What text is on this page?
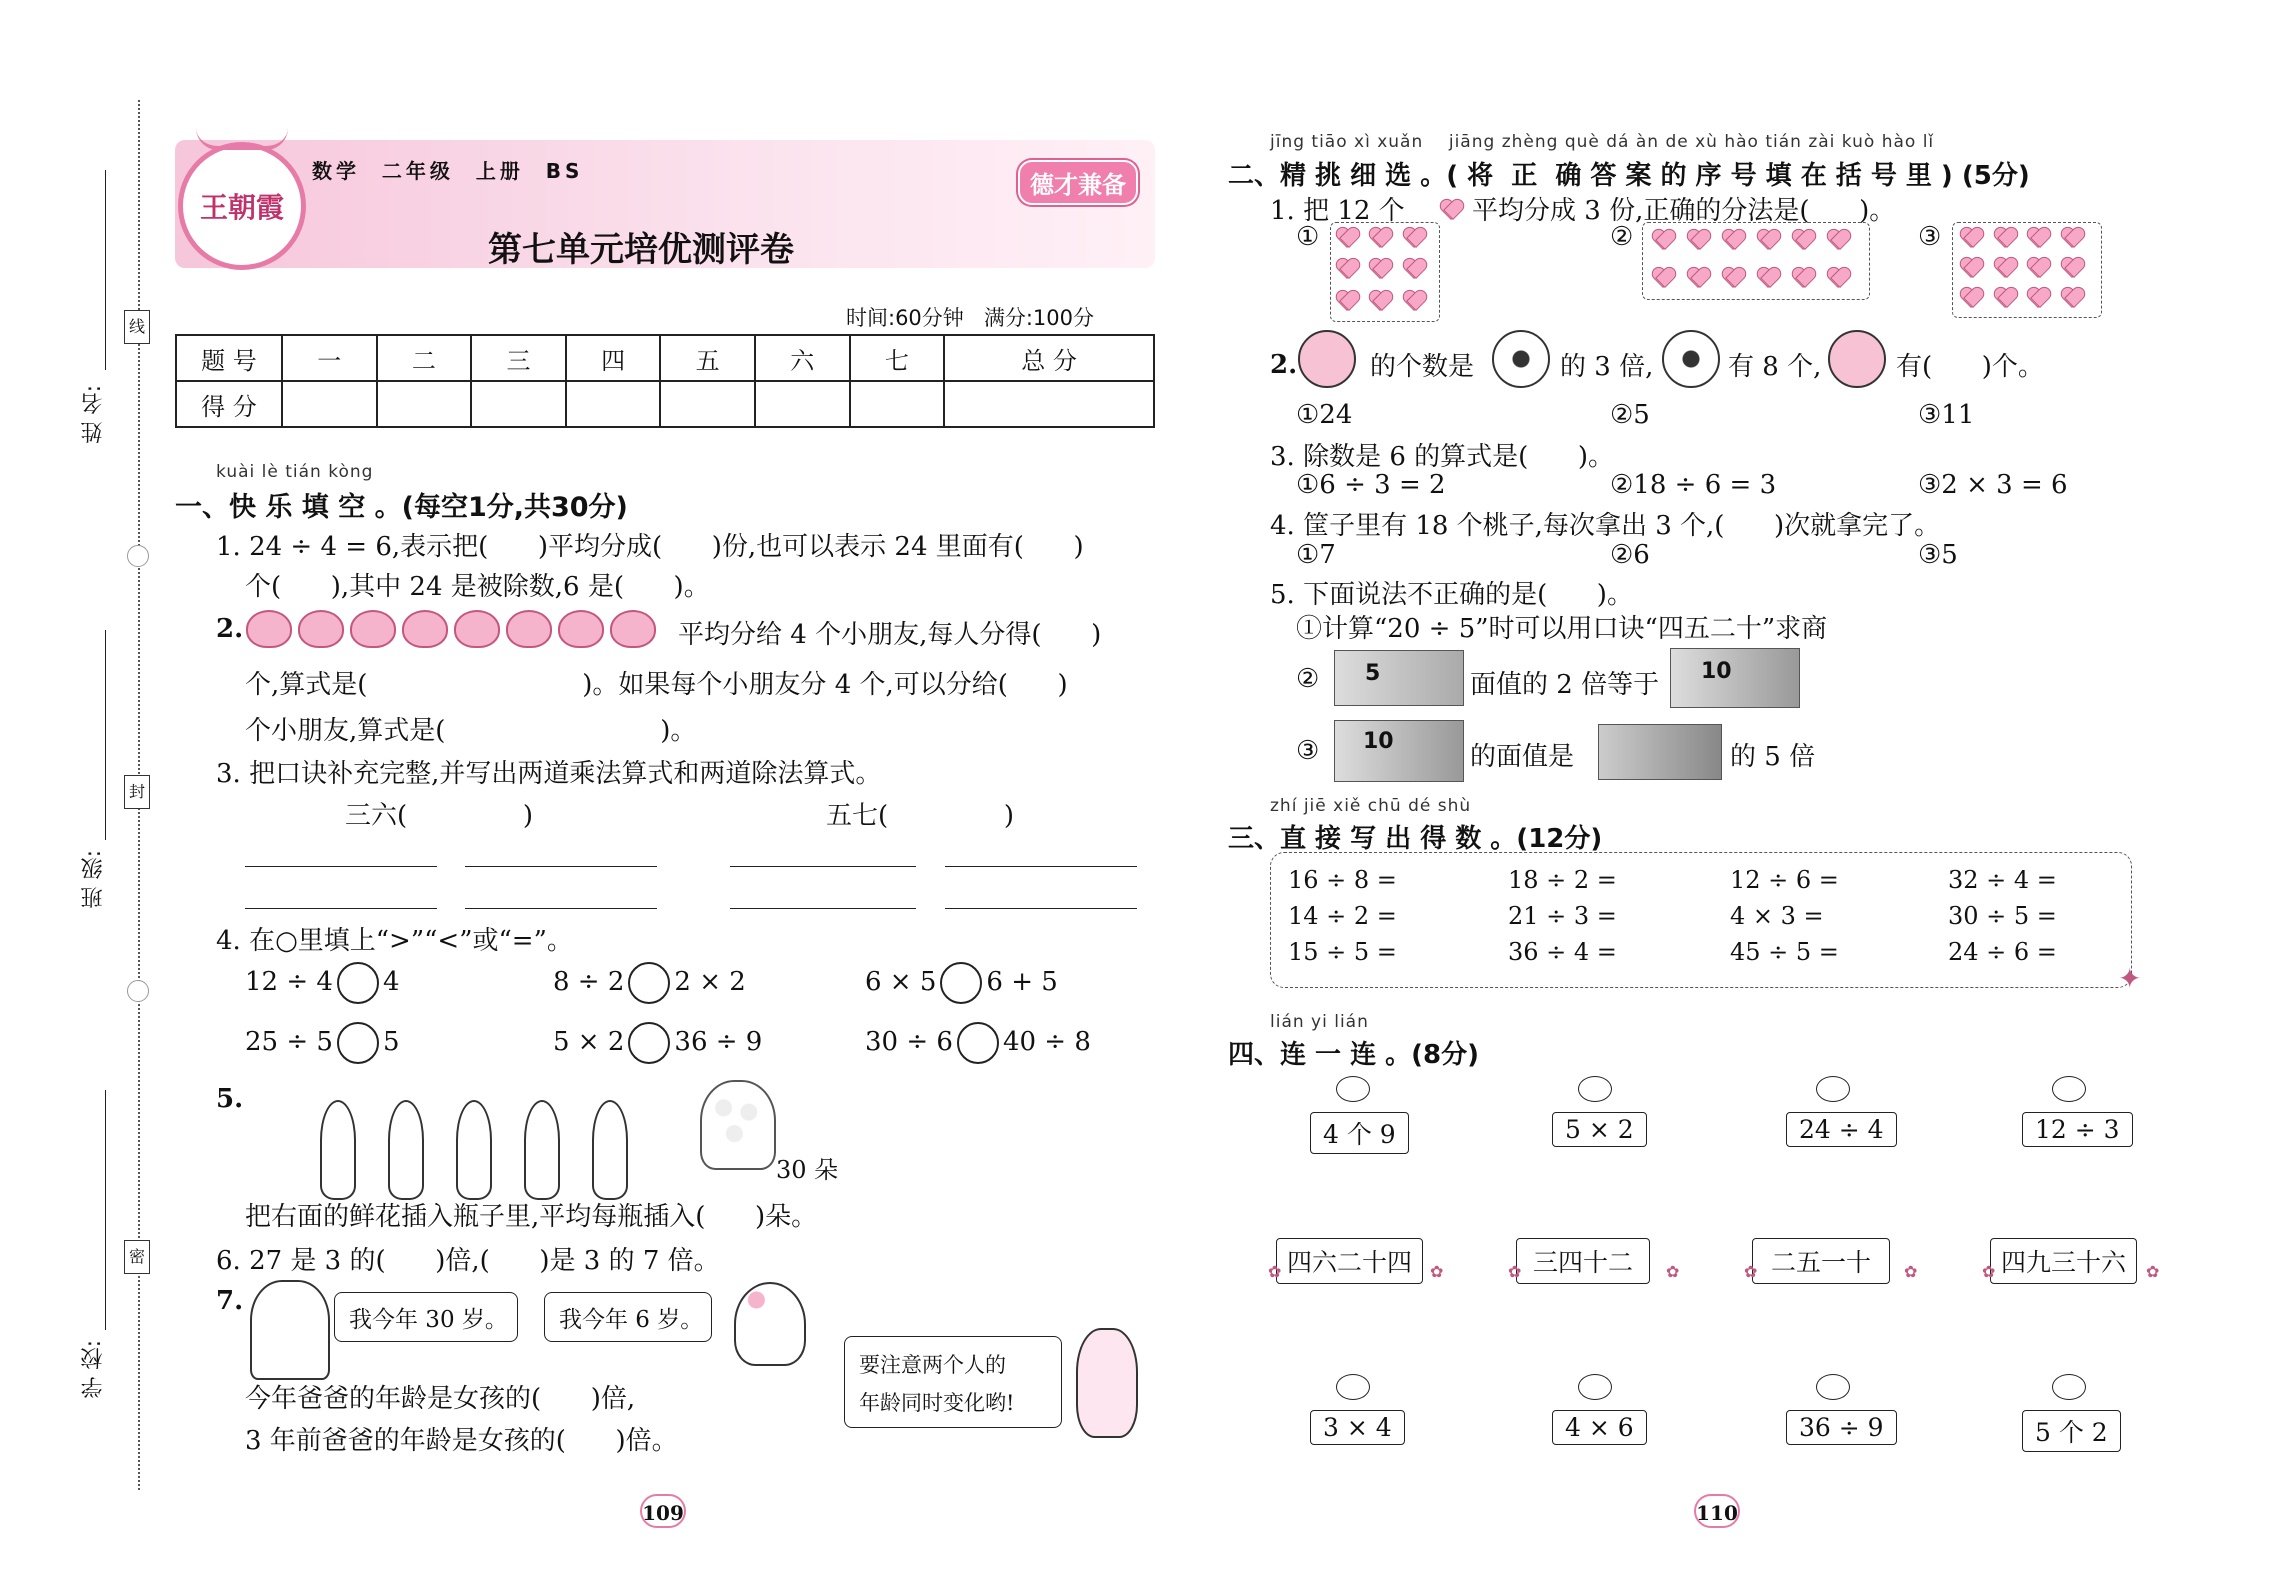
姓 名:
班 级:
学 校:
线
封
密
王朝霞
数学  二年级  上册  BS	德才兼备
第七单元培优测评卷
时间:60分钟   满分:100分
题 号	一	二	三	四	五	六	七	总 分
得 分								
kuài lè tián kòng
一、快 乐 填 空 。(每空1分,共30分)
1. 24 ÷ 4 = 6,表示把(      )平均分成(      )份,也可以表示 24 里面有(      )
个(      ),其中 24 是被除数,6 是(      )。
2.	平均分给 4 个小朋友,每人分得(      )
个,算式是(                          )。如果每个小朋友分 4 个,可以分给(      )
个小朋友,算式是(                          )。
3. 把口诀补充完整,并写出两道乘法算式和两道除法算式。
三六(              )	五七(              )
4. 在○里填上“>”“<”或“=”。
12 ÷ 4 4	8 ÷ 2 2 × 2	6 × 5 6 + 5
25 ÷ 5 5	5 × 2 36 ÷ 9	30 ÷ 6 40 ÷ 8
5.
30 朵
把右面的鲜花插入瓶子里,平均每瓶插入(      )朵。
6. 27 是 3 的(      )倍,(      )是 3 的 7 倍。
7.
我今年 30 岁。 我今年 6 岁。
今年爸爸的年龄是女孩的(      )倍,
3 年前爸爸的年龄是女孩的(      )倍。
要注意两个人的
年龄同时变化哟!
109
jīng tiāo xì xuǎn    jiāng zhèng què dá àn de xù hào tián zài kuò hào lǐ
二、精 挑 细 选 。( 将  正  确 答 案 的 序 号 填 在 括 号 里 ) (5分)
1. 把 12 个	平均分成 3 份,正确的分法是(      )。
①	②	③
2.	的个数是	的 3 倍,	有 8 个,	有(      )个。
①24	②5	③11
3. 除数是 6 的算式是(      )。
①6 ÷ 3 = 2	②18 ÷ 6 = 3	③2 × 3 = 6
4. 筐子里有 18 个桃子,每次拿出 3 个,(      )次就拿完了。
①7	②6	③5
5. 下面说法不正确的是(      )。
①计算“20 ÷ 5”时可以用口诀“四五二十”求商
② 5	面值的 2 倍等于 10
③ 10
的面值是	的 5 倍
zhí jiē xiě chū dé shù
三、直 接 写 出 得 数 。(12分)
16 ÷ 8 =	18 ÷ 2 =	12 ÷ 6 =	32 ÷ 4 =
14 ÷ 2 =	21 ÷ 3 =	4 × 3 =	30 ÷ 5 =
15 ÷ 5 =	36 ÷ 4 =	45 ÷ 5 =	24 ÷ 6 =
✦
lián yi lián
四、连 一 连 。(8分)
4 个 9	5 × 2	24 ÷ 4	12 ÷ 3
四六二十四	三四十二	二五一十	四九三十六
✿	✿	✿	✿	✿	✿	✿	✿
3 × 4	4 × 6	36 ÷ 9	5 个 2
110
